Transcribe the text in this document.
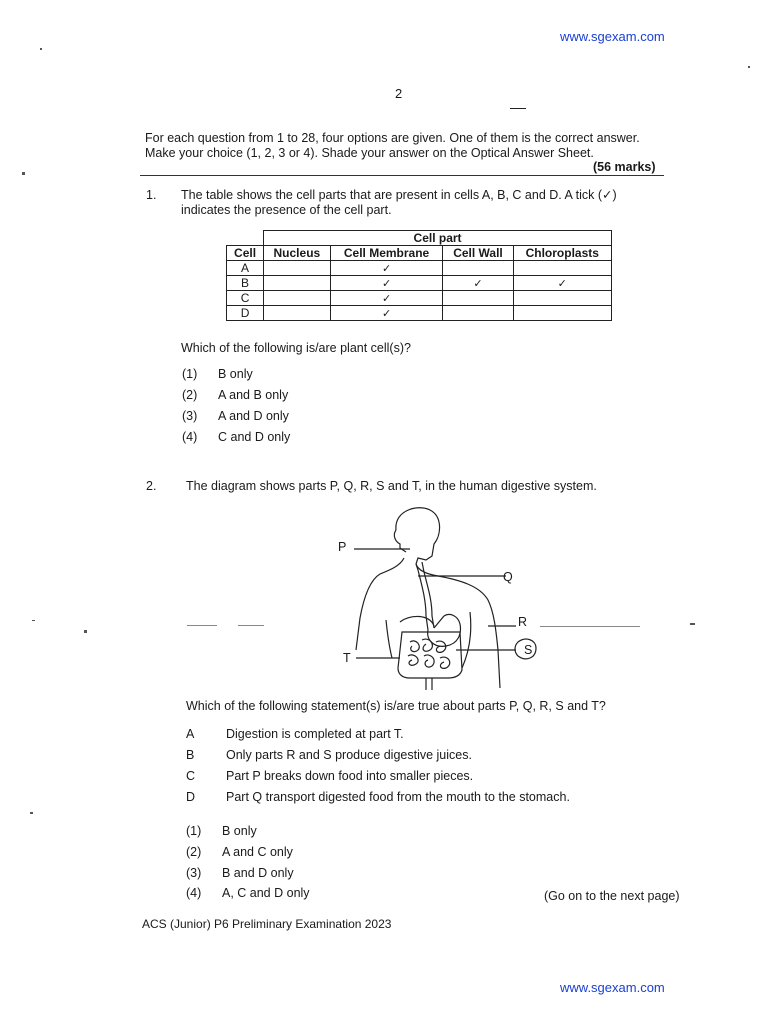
www.sgexam.com
2
For each question from 1 to 28, four options are given. One of them is the correct answer.
Make your choice (1, 2, 3 or 4). Shade your answer on the Optical Answer Sheet.
(56 marks)
1. The table shows the cell parts that are present in cells A, B, C and D. A tick (✓)
indicates the presence of the cell part.
	Cell part			
Cell	Nucleus	Cell Membrane	Cell Wall	Chloroplasts
A		✓		
B		✓	✓	✓
C		✓		
D		✓		
Which of the following is/are plant cell(s)?
(1) B only
(2) A and B only
(3) A and D only
(4) C and D only
2. The diagram shows parts P, Q, R, S and T, in the human digestive system.
P
Q
R
S
T
Which of the following statement(s) is/are true about parts P, Q, R, S and T?
A	Digestion is completed at part T.
B	Only parts R and S produce digestive juices.
C Part P breaks down food into smaller pieces.
D Part Q transport digested food from the mouth to the stomach.
(1) B only
(2) A and C only
(3) B and D only
(4) A, C and D only	(Go on to the next page)
ACS (Junior) P6 Preliminary Examination 2023
www.sgexam.com
